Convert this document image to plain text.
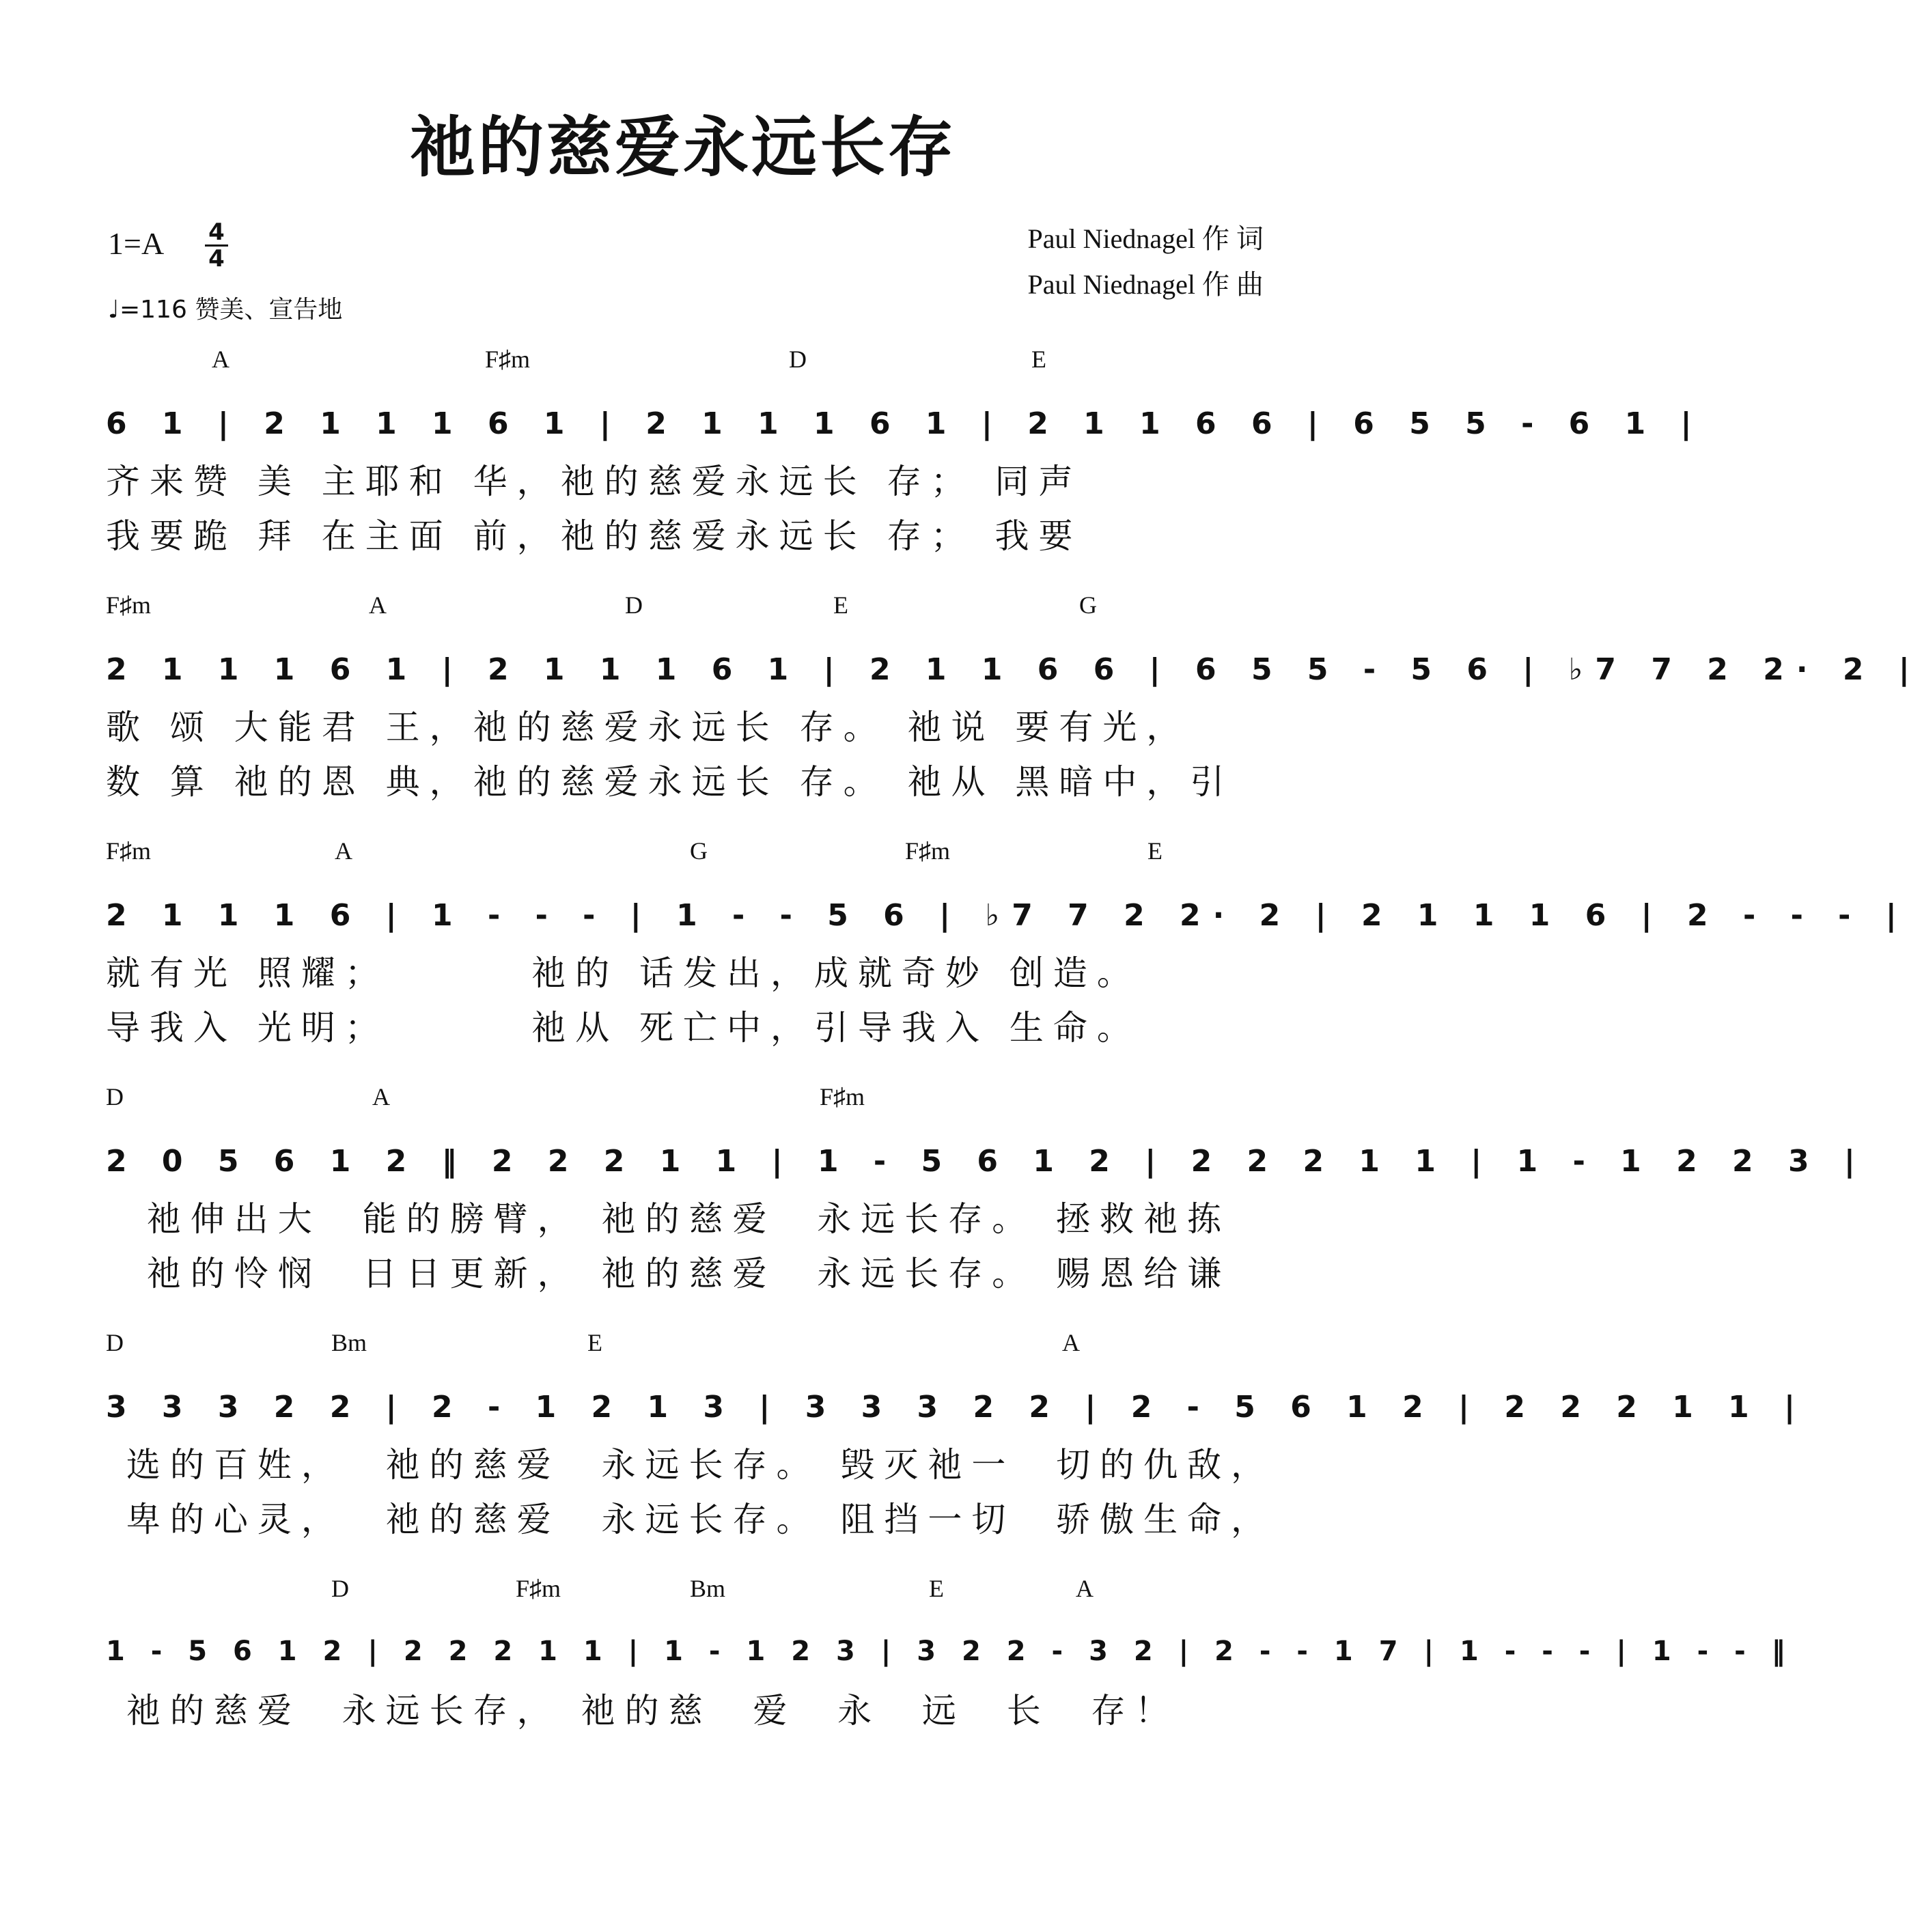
祂的慈爱永远长存
1=A 4
4
♩=116 赞美、宣告地
Paul Niednagel 作 词
Paul Niednagel 作 曲
A	F♯m	D	E
6 1 | 2 1 1 1 6 1 | 2 1 1 1 6 1 | 2 1 1 6 6 | 6 5 5 - 6 1 |
齐来赞 美 主耶和 华，祂的慈爱永远长 存； 同声
我要跪 拜 在主面 前，祂的慈爱永远长 存； 我要
F♯m	A	D	E	G
2 1 1 1 6 1 | 2 1 1 1 6 1 | 2 1 1 6 6 | 6 5 5 - 5 6 | ♭7 7 2 2· 2 |
歌 颂 大能君 王，祂的慈爱永远长 存。 祂说 要有光，
数 算 祂的恩 典，祂的慈爱永远长 存。 祂从 黑暗中，引
F♯m	A	G	F♯m	E
2 1 1 1 6 | 1 - - - | 1 - - 5 6 | ♭7 7 2 2· 2 | 2 1 1 1 6 | 2 - - - |
就有光 照耀；       祂的 话发出，成就奇妙 创造。
导我入 光明；       祂从 死亡中，引导我入 生命。
D	A	F♯m
2 0 5 6 1 2 ‖ 2 2 2 1 1 | 1 - 5 6 1 2 | 2 2 2 1 1 | 1 - 1 2 2 3 |
祂伸出大  能的膀臂， 祂的慈爱  永远长存。 拯救祂拣
祂的怜悯  日日更新， 祂的慈爱  永远长存。 赐恩给谦
D	Bm	E	A
3 3 3 2 2 | 2 - 1 2 1 3 | 3 3 3 2 2 | 2 - 5 6 1 2 | 2 2 2 1 1 |
选的百姓，  祂的慈爱  永远长存。 毁灭祂一  切的仇敌，
卑的心灵，  祂的慈爱  永远长存。 阻挡一切  骄傲生命，
D	F♯m	Bm	E	A
1 - 5 6 1 2 | 2 2 2 1 1 | 1 - 1 2 3 | 3 2 2 - 3 2 | 2 - - 1 7 | 1 - - - | 1 - - ‖
祂的慈爱  永远长存， 祂的慈  爱  永  远  长  存！
